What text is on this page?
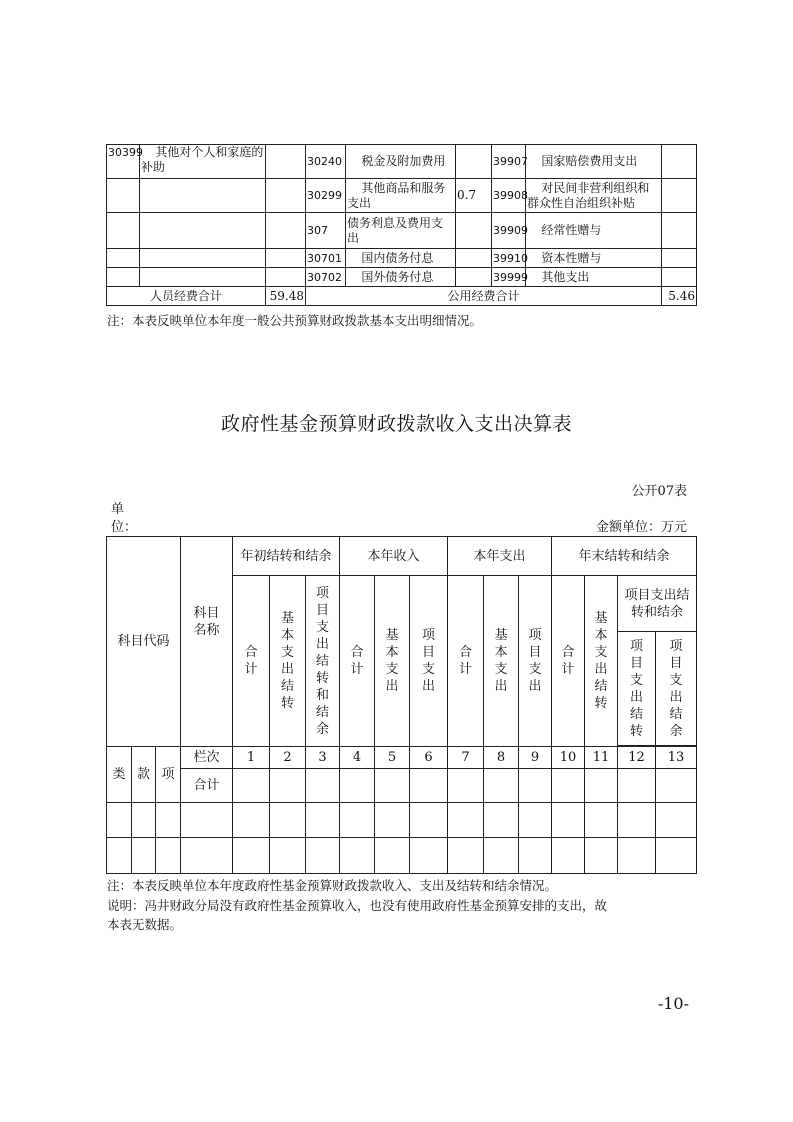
30399	其他对个人和家庭的补助		30240	税金及附加费用		39907	国家赔偿费用支出	
			30299	其他商品和服务支出	0.7	39908	对民间非营利组织和群众性自治组织补贴	
			307	债务利息及费用支出		39909	经常性赠与	
			30701	国内债务付息		39910	资本性赠与	
			30702	国外债务付息		39999	其他支出	
人员经费合计		59.48	公用经费合计					5.46
注：本表反映单位本年度一般公共预算财政拨款基本支出明细情况。
政府性基金预算财政拨款收入支出决算表
公开07表
单
位：	金额单位：万元
科目代码			科目名称	年初结转和结余			本年收入			本年支出			年末结转和结余			
				合计	基本支出结转	项目支出结转和结余	合计	基本支出	项目支出	合计	基本支出	项目支出	合计	基本支出结转	项目支出结转和结余	
															项目支出结转	项目支出结余

类	款	项	栏次	1	2	3	4	5	6	7	8	9	10	11	12	13
			合计													

注：本表反映单位本年度政府性基金预算财政拨款收入、支出及结转和结余情况。
说明：冯井财政分局没有政府性基金预算收入，也没有使用政府性基金预算安排的支出，故
本表无数据。
-10-
